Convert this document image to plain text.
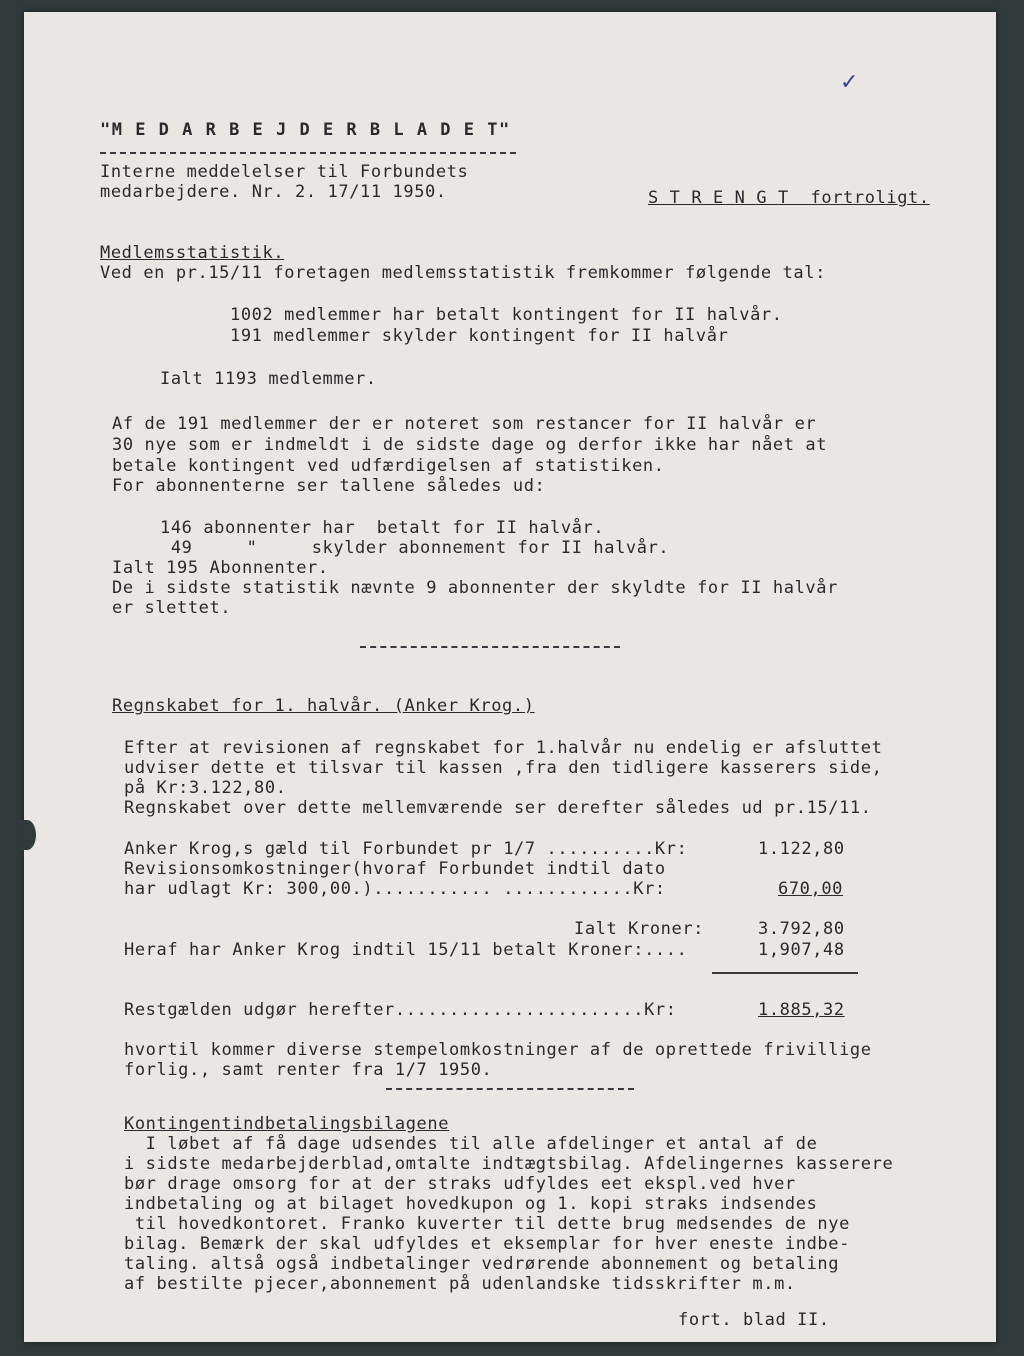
✓
"M E D A R B E J D E R B L A D E T"
Interne meddelelser til Forbundets
medarbejdere. Nr. 2. 17/11 1950.	S T R E N G T  fortroligt.
Medlemsstatistik.
Ved en pr.15/11 foretagen medlemsstatistik fremkommer følgende tal:
1002 medlemmer har betalt kontingent for II halvår.
191 medlemmer skylder kontingent for II halvår
Ialt 1193 medlemmer.
Af de 191 medlemmer der er noteret som restancer for II halvår er
30 nye som er indmeldt i de sidste dage og derfor ikke har nået at
betale kontingent ved udfærdigelsen af statistiken.
For abonnenterne ser tallene således ud:
146 abonnenter har  betalt for II halvår.
49     "     skylder abonnement for II halvår.
Ialt 195 Abonnenter.
De i sidste statistik nævnte 9 abonnenter der skyldte for II halvår
er slettet.
Regnskabet for 1. halvår. (Anker Krog.)
Efter at revisionen af regnskabet for 1.halvår nu endelig er afsluttet
udviser dette et tilsvar til kassen ,fra den tidligere kasserers side,
på Kr:3.122,80.
Regnskabet over dette mellemværende ser derefter således ud pr.15/11.
Anker Krog,s gæld til Forbundet pr 1/7 ..........Kr:	1.122,80
Revisionsomkostninger(hvoraf Forbundet indtil dato
har udlagt Kr: 300,00.)........... ............Kr:	670,00
Ialt Kroner:	3.792,80
Heraf har Anker Krog indtil 15/11 betalt Kroner:....	1,907,48
Restgælden udgør herefter.......................Kr:	1.885,32
hvortil kommer diverse stempelomkostninger af de oprettede frivillige
forlig., samt renter fra 1/7 1950.
Kontingentindbetalingsbilagene
I løbet af få dage udsendes til alle afdelinger et antal af de
i sidste medarbejderblad,omtalte indtægtsbilag. Afdelingernes kasserere
bør drage omsorg for at der straks udfyldes eet ekspl.ved hver
indbetaling og at bilaget hovedkupon og 1. kopi straks indsendes
til hovedkontoret. Franko kuverter til dette brug medsendes de nye
bilag. Bemærk der skal udfyldes et eksemplar for hver eneste indbe-
taling. altså også indbetalinger vedrørende abonnement og betaling
af bestilte pjecer,abonnement på udenlandske tidsskrifter m.m.
fort. blad II.
